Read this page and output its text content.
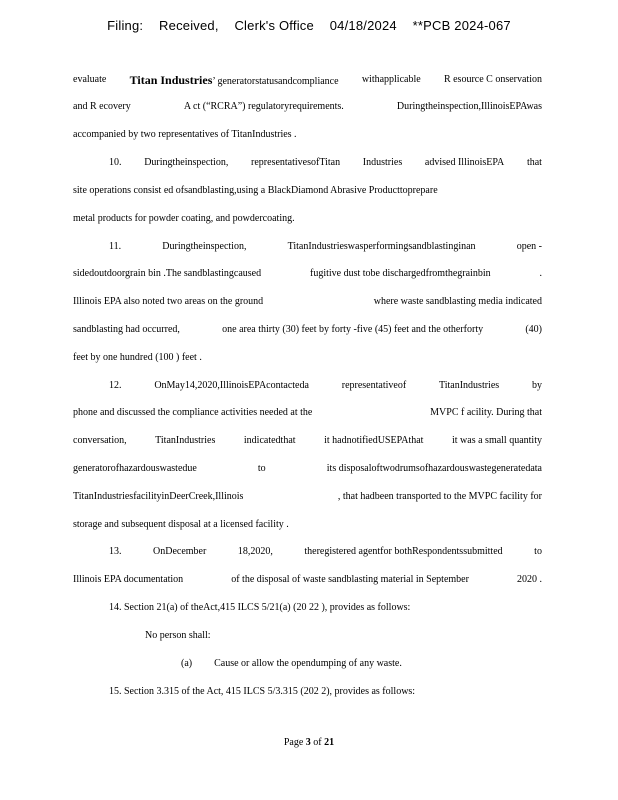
Filing: Received, Clerk's Office 04/18/2024 **PCB 2024-067
evaluate Titan Industries’ generatorstatusandcompliance withapplicable R esource C onservation
and R ecovery	A ct (“RCRA”) regulatoryrequirements.	Duringtheinspection,IllinoisEPAwas
accompanied by two representatives of TitanIndustries .
10. Duringtheinspection, representativesofTitan Industries advised IllinoisEPA that
site operations consist ed ofsandblasting,using a BlackDiamond Abrasive Producttoprepare
metal products for powder coating, and powdercoating.
11.	Duringtheinspection,	TitanIndustrieswasperformingsandblastinginan	open -
sidedoutdoorgrain bin .The sandblastingcaused	fugitive dust tobe dischargedfromthegrainbin	.
Illinois EPA also noted two areas on the ground	where waste sandblasting media indicated
sandblasting had occurred,	one area thirty (30) feet by forty -five (45) feet and the otherforty	(40)
feet by one hundred (100 ) feet .
12.	OnMay14,2020,IllinoisEPAcontacteda	representativeof	TitanIndustries	by
phone and discussed the compliance activities needed at the	MVPC f acility. During that
conversation,	TitanIndustries	indicatedthat	it hadnotifiedUSEPAthat	it was a small quantity
generatorofhazardouswastedue	to	its disposaloftwodrumsofhazardouswastegeneratedata
TitanIndustriesfacilityinDeerCreek,Illinois	, that hadbeen transported to the MVPC facility for
storage and subsequent disposal at a licensed facility .
13.	OnDecember	18,2020,	theregistered agentfor bothRespondentssubmitted	to
Illinois EPA documentation	of the disposal of waste sandblasting material in September	2020 .
14. Section 21(a) of theAct,415 ILCS 5/21(a) (20 22 ), provides as follows:
No person shall:
(a) Cause or allow the opendumping of any waste.
15. Section 3.315 of the Act, 415 ILCS 5/3.315 (202 2), provides as follows:
Page 3 of 21
